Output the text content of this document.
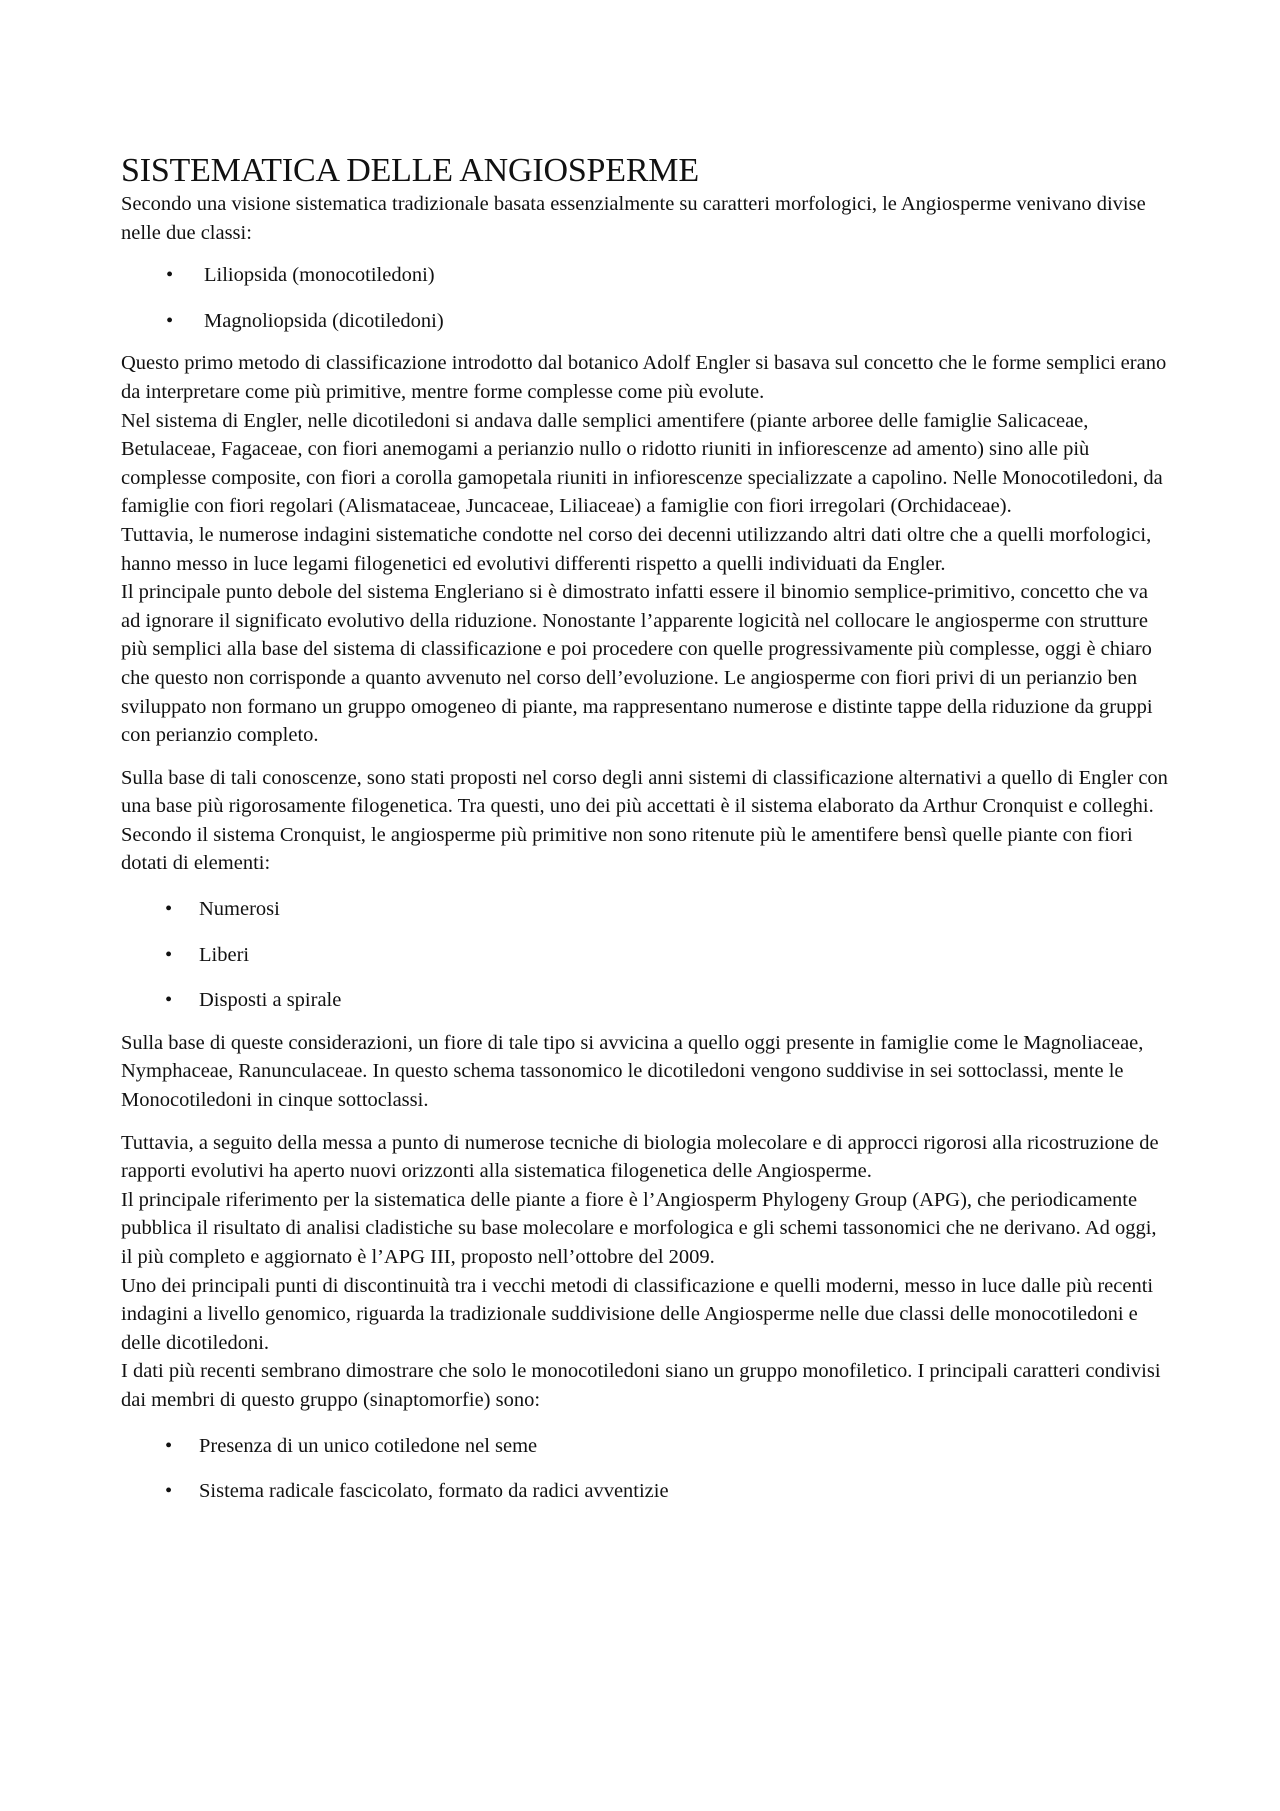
SISTEMATICA DELLE ANGIOSPERME

Secondo una visione sistematica tradizionale basata essenzialmente su caratteri morfologici, le Angiosperme venivano divise nelle due classi:

• Liliopsida (monocotiledoni)
• Magnoliopsida (dicotiledoni)

Questo primo metodo di classificazione introdotto dal botanico Adolf Engler si basava sul concetto che le forme semplici erano da interpretare come più primitive, mentre forme complesse come più evolute.

Nel sistema di Engler, nelle dicotiledoni si andava dalle semplici amentifere (piante arboree delle famiglie Salicaceae, Betulaceae, Fagaceae, con fiori anemogami a perianzio nullo o ridotto riuniti in infiorescenze ad amento) sino alle più complesse composite, con fiori a corolla gamopetala riuniti in infiorescenze specializzate a capolino. Nelle Monocotiledoni, da famiglie con fiori regolari (Alismataceae, Juncaceae, Liliaceae) a famiglie con fiori irregolari (Orchidaceae).

Tuttavia, le numerose indagini sistematiche condotte nel corso dei decenni utilizzando altri dati oltre che a quelli morfologici, hanno messo in luce legami filogenetici ed evolutivi differenti rispetto a quelli individuati da Engler.

Il principale punto debole del sistema Engleriano si è dimostrato infatti essere il binomio semplice-primitivo, concetto che va ad ignorare il significato evolutivo della riduzione. Nonostante l’apparente logicità nel collocare le angiosperme con strutture più semplici alla base del sistema di classificazione e poi procedere con quelle progressivamente più complesse, oggi è chiaro che questo non corrisponde a quanto avvenuto nel corso dell’evoluzione. Le angiosperme con fiori privi di un perianzio ben sviluppato non formano un gruppo omogeneo di piante, ma rappresentano numerose e distinte tappe della riduzione da gruppi con perianzio completo.

Sulla base di tali conoscenze, sono stati proposti nel corso degli anni sistemi di classificazione alternativi a quello di Engler con una base più rigorosamente filogenetica. Tra questi, uno dei più accettati è il sistema elaborato da Arthur Cronquist e colleghi. Secondo il sistema Cronquist, le angiosperme più primitive non sono ritenute più le amentifere bensì quelle piante con fiori dotati di elementi:

• Numerosi
• Liberi
• Disposti a spirale

Sulla base di queste considerazioni, un fiore di tale tipo si avvicina a quello oggi presente in famiglie come le Magnoliaceae, Nymphaceae, Ranunculaceae. In questo schema tassonomico le dicotiledoni vengono suddivise in sei sottoclassi, mente le Monocotiledoni in cinque sottoclassi.

Tuttavia, a seguito della messa a punto di numerose tecniche di biologia molecolare e di approcci rigorosi alla ricostruzione de rapporti evolutivi ha aperto nuovi orizzonti alla sistematica filogenetica delle Angiosperme.

Il principale riferimento per la sistematica delle piante a fiore è l’Angiosperm Phylogeny Group (APG), che periodicamente pubblica il risultato di analisi cladistiche su base molecolare e morfologica e gli schemi tassonomici che ne derivano. Ad oggi, il più completo e aggiornato è l’APG III, proposto nell’ottobre del 2009.

Uno dei principali punti di discontinuità tra i vecchi metodi di classificazione e quelli moderni, messo in luce dalle più recenti indagini a livello genomico, riguarda la tradizionale suddivisione delle Angiosperme nelle due classi delle monocotiledoni e delle dicotiledoni.

I dati più recenti sembrano dimostrare che solo le monocotiledoni siano un gruppo monofiletico. I principali caratteri condivisi dai membri di questo gruppo (sinaptomorfie) sono:

• Presenza di un unico cotiledone nel seme
• Sistema radicale fascicolato, formato da radici avventizie
